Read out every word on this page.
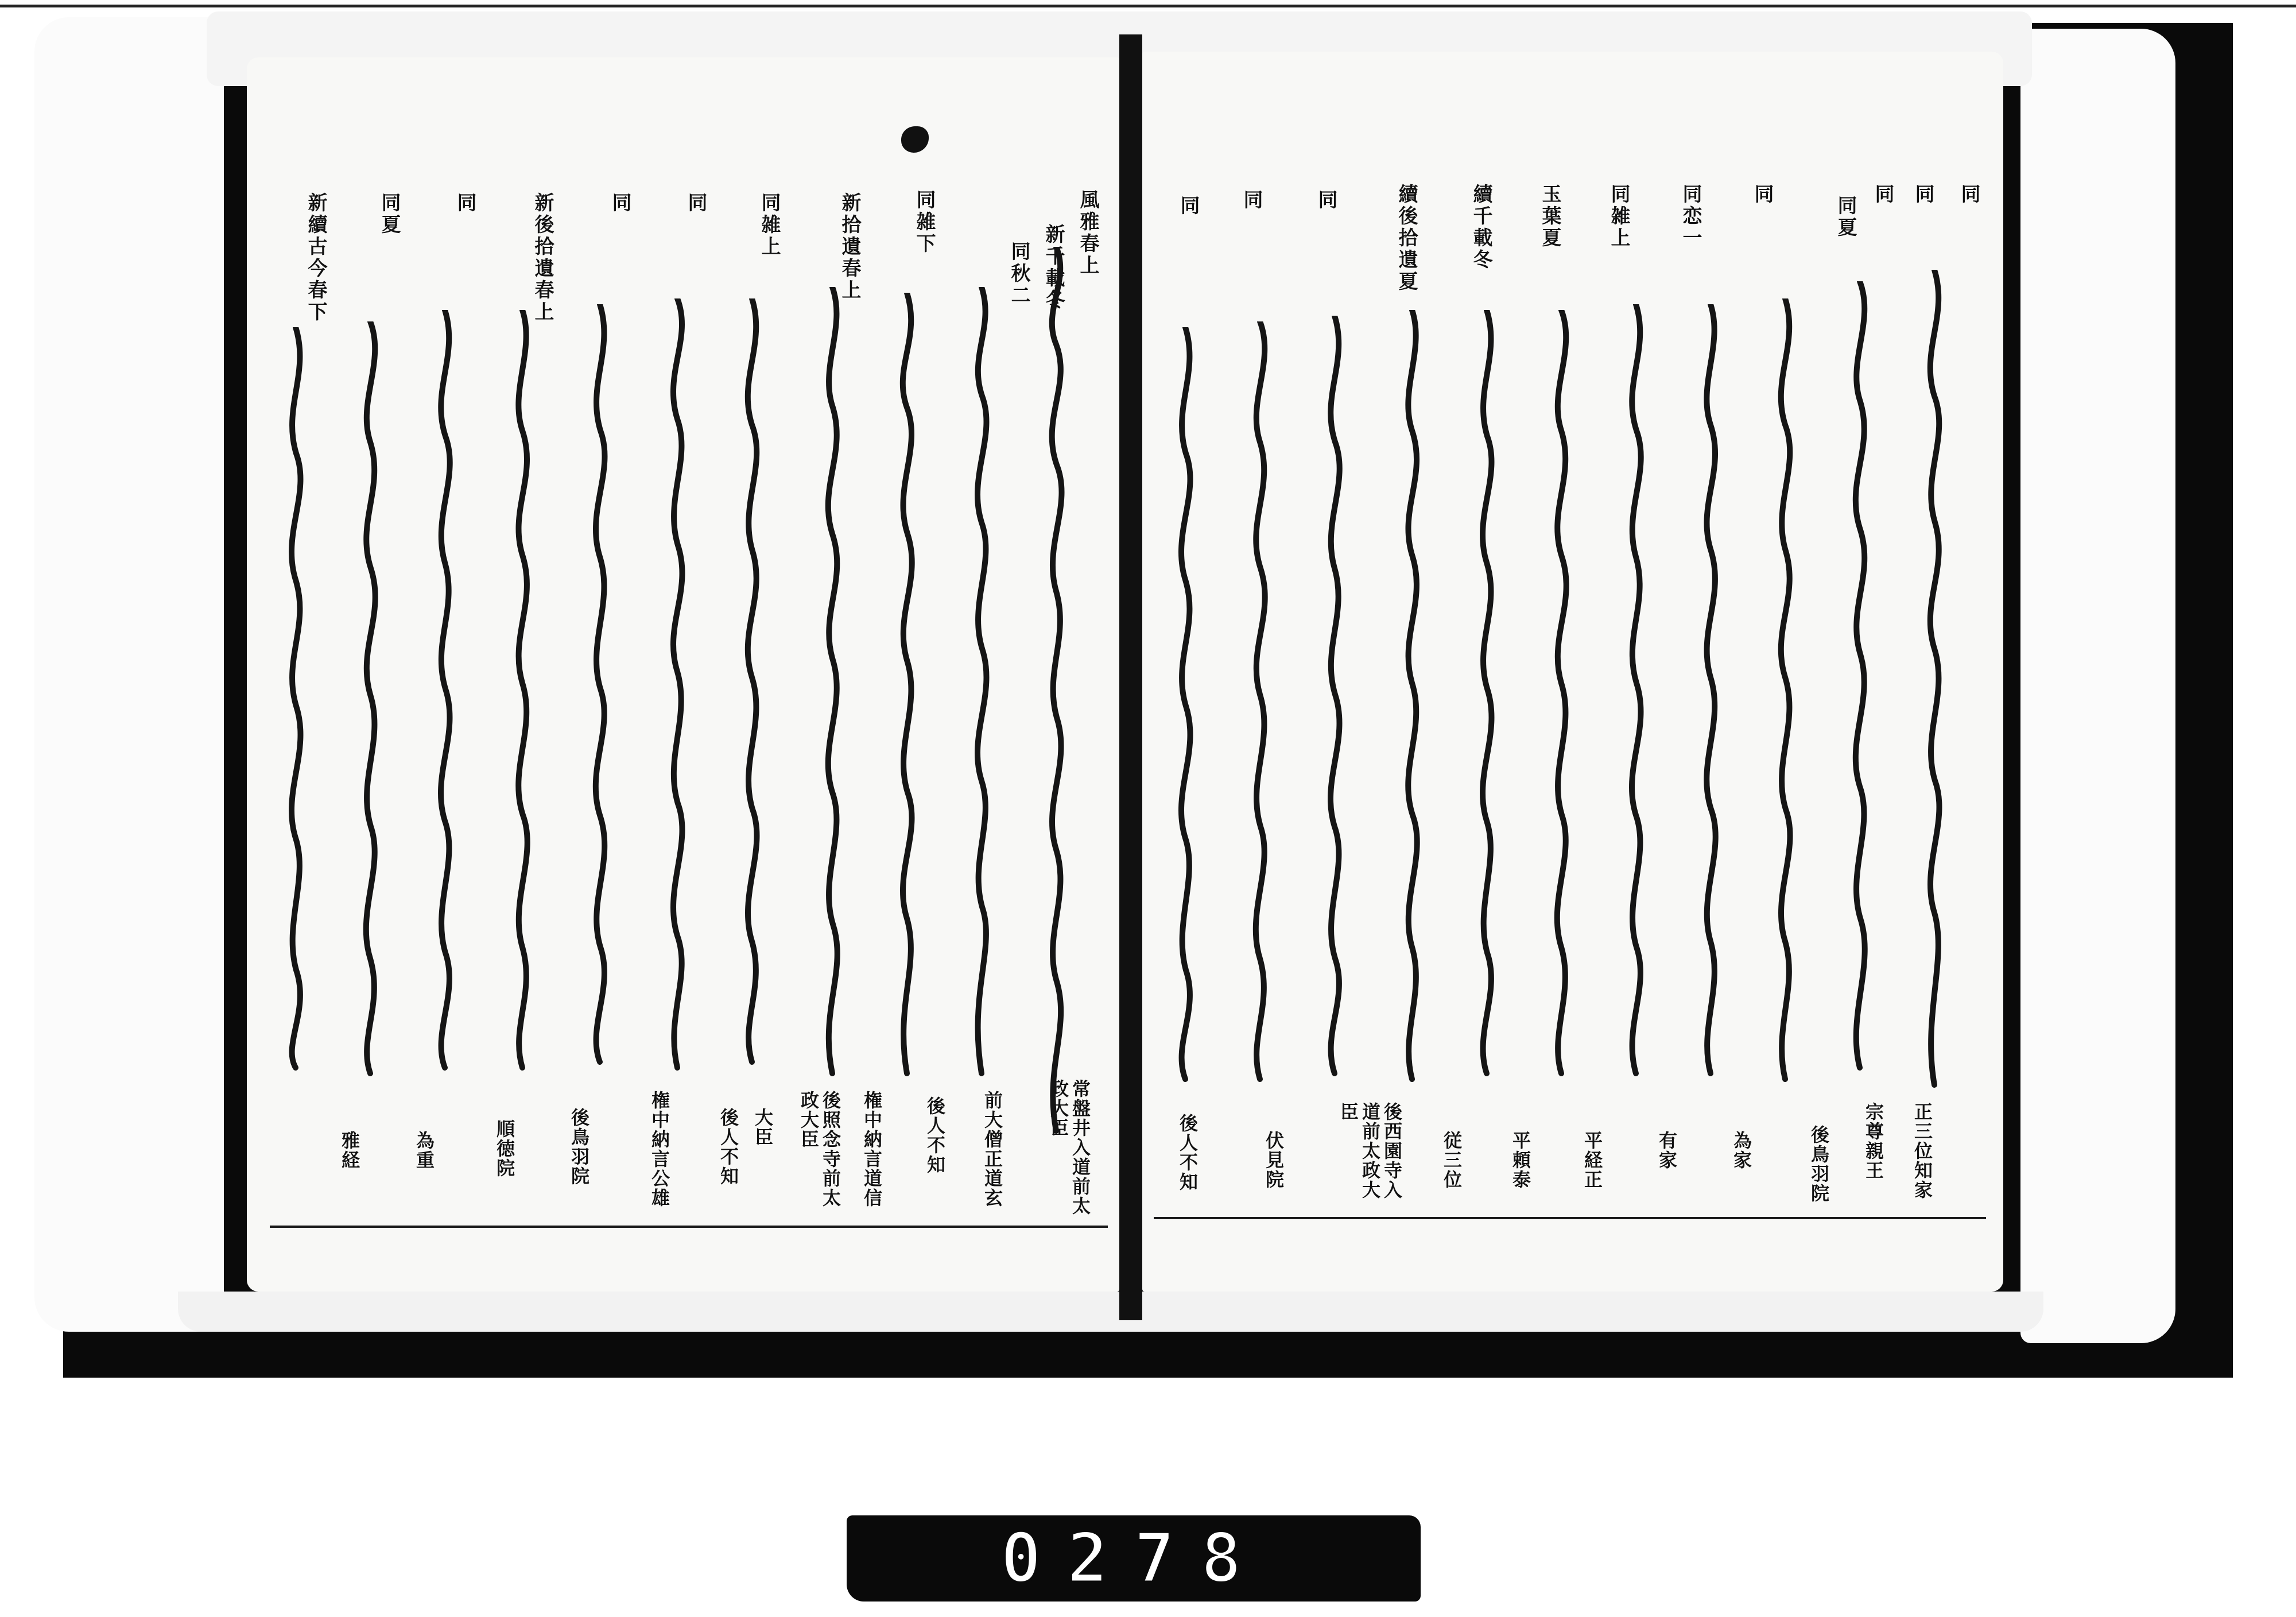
風雅春上
新千載冬
同秋二
同雑下
新拾遺春上
同雑上
同
同
新後拾遺春上
同
同夏
新續古今春下
常盤井入道前太政大臣
前大僧正道玄
後人不知
権中納言道信
後照念寺前太政大臣
大臣
後人不知
権中納言公雄
後鳥羽院
順徳院
為重
雅経
同
同
同
同夏
同
同恋一
同雑上
玉葉夏
續千載冬
續後拾遺夏
同
同
同
正三位知家
宗尊親王
後鳥羽院
為家
有家
平経正
平頼泰
従三位
後西園寺入道前太政大臣
伏見院
後人不知
0278
